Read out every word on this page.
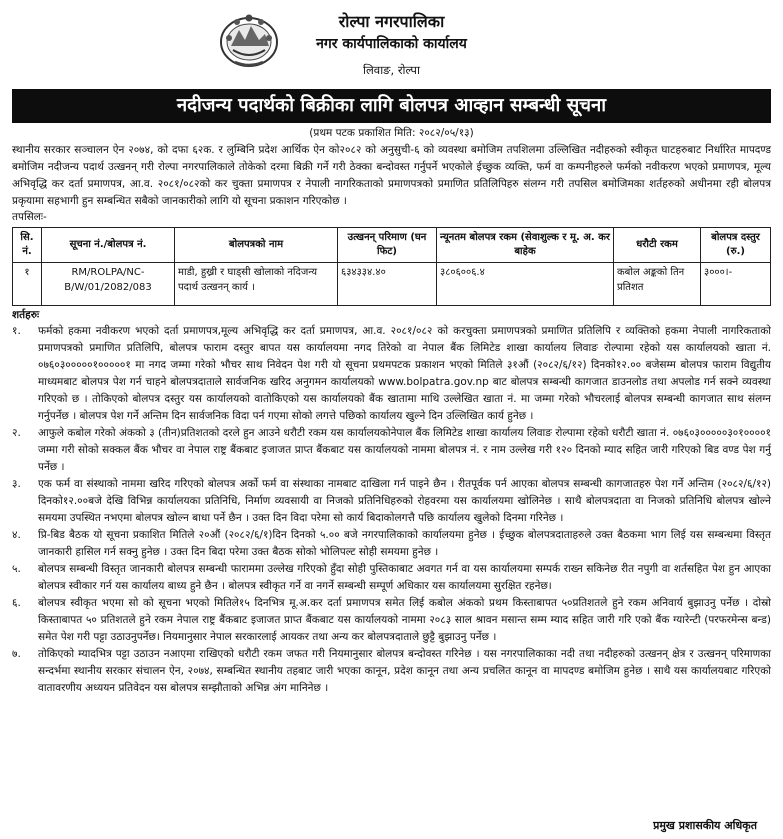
रोल्पा नगरपालिका
नगर कार्यपालिकाको कार्यालय
लिवाङ, रोल्पा
नदीजन्य पदार्थको बिक्रीका लागि बोलपत्र आव्हान सम्बन्धी सूचना
(प्रथम पटक प्रकाशित मिति: २०८२/०५/१३)

स्थानीय सरकार सञ्चालन ऐन २०७४, को दफा ६२क. र लुम्बिनि प्रदेश आर्थिक ऐन को२०८२ को अनुसुची-६ को व्यवस्था बमोजिम तपशिलमा उल्लिखित नदीहरुको स्वीकृत घाटहरुबाट निर्धारित मापदण्ड बमोजिम नदीजन्य पदार्थ उत्खनन् गरी रोल्पा नगरपालिकाले तोकेको दरमा बिक्री गर्ने गरी ठेक्का बन्दोवस्त गर्नुपर्ने भएकोले ईच्छुक व्यक्ति, फर्म वा कम्पनीहरुले फर्मको नवीकरण भएको प्रमाणपत्र, मूल्य अभिवृद्धि कर दर्ता प्रमाणपत्र, आ.व. २०८१/०८२को कर चुक्ता प्रमाणपत्र र नेपाली नागरिकताको प्रमाणपत्रको प्रमाणित प्रतिलिपिहरु संलग्न गरी तपसिल बमोजिमका शर्तहरुको अधीनमा रही बोलपत्र प्रकृयामा सहभागी हुन सम्बन्धित सबैको जानकारीको लागि यो सूचना प्रकाशन गरिएकोछ ।

तपसिलः-

सि. नं.	सूचना नं./बोलपत्र नं.	बोलपत्रको नाम	उत्खनन् परिमाण (घन फिट)	न्यूनतम बोलपत्र रकम (सेवाशुल्क र मू. अ. कर बाहेक	धरौटी रकम	बोलपत्र दस्तुर (रु.)
१	RM/ROLPA/NC-B/W/01/2082/083	माडी, हुख्री र घाड्सी खोलाको नदिजन्य पदार्थ उत्खनन् कार्य ।	६३४३३४.४०	३८०६००६.४	कबोल अङ्कको तिन प्रतिशत	३०००।-

शर्तहरुः

१.	फर्मको हकमा नवीकरण भएको दर्ता प्रमाणपत्र,मूल्य अभिवृद्धि कर दर्ता प्रमाणपत्र, आ.व. २०८१/०८२ को करचुक्ता प्रमाणपत्रको प्रमाणित प्रतिलिपि र व्यक्तिको हकमा नेपाली नागरिकताको प्रमाणपत्रको प्रमाणित प्रतिलिपि, बोलपत्र फाराम दस्तुर बापत यस कार्यालयमा नगद तिरेको वा नेपाल बैंक लिमिटेड शाखा कार्यालय लिवाङ रोल्पामा रहेको यस कार्यालयको खाता नं. ०७६०३०००००१०००००१ मा नगद जम्मा गरेको भौचर साथ निवेदन पेश गरी यो सूचना प्रथमपटक प्रकाशन भएको मितिले ३१औं (२०८२/६/१२) दिनको१२.०० बजेसम्म बोलपत्र फाराम विद्युतीय माध्यमबाट बोलपत्र पेश गर्न चाहने बोलपत्रदाताले सार्वजनिक खरिद अनुगमन कार्यालयको www.bolpatra.gov.np बाट बोलपत्र सम्बन्धी कागजात डाउनलोड तथा अपलोड गर्न सक्ने व्यवस्था गरिएको छ । तोकिएको बोलपत्र दस्तुर यस कार्यालयको वातोकिएको यस कार्यालयको बैंक खातामा माथि उल्लेखित खाता नं. मा जम्मा गरेको भौचरलाई बोलपत्र सम्बन्धी कागजात साथ संलग्न गर्नुपर्नेछ । बोलपत्र पेश गर्ने अन्तिम दिन सार्वजनिक विदा पर्न गएमा सोको लगत्ते पछिको कार्यालय खुल्ने दिन उल्लिखित कार्य हुनेछ ।
२.	आफुले कबोल गरेको अंकको ३ (तीन)प्रतिशतको दरले हुन आउने धरौटी रकम यस कार्यालयकोनेपाल बैंक लिमिटेड शाखा कार्यालय लिवाङ रोल्पामा रहेको धरौटी खाता नं. ०७६०३०००००३०१००००१ जम्मा गरी सोको सक्कल बैंक भौचर वा नेपाल राष्ट्र बैंकबाट इजाजत प्राप्त बैंकबाट यस कार्यालयको नाममा बोलपत्र नं. र नाम उल्लेख गरी १२० दिनको म्याद सहित जारी गरिएको बिड वण्ड पेश गर्नु पर्नेछ ।
३.	एक फर्म वा संस्थाको नाममा खरिद गरिएको बोलपत्र अर्को फर्म वा संस्थाका नामबाट दाखिला गर्न पाइने छैन । रीतपूर्वक पर्न आएका बोलपत्र सम्बन्धी कागजातहरु पेश गर्ने अन्तिम (२०८२/६/१२) दिनको१२.००बजे देखि विभिन्न कार्यालयका प्रतिनिधि, निर्माण व्यवसायी वा निजको प्रतिनिधिहरुको रोहवरमा यस कार्यालयमा खोलिनेछ । साथै बोलपत्रदाता वा निजको प्रतिनिधि बोलपत्र खोल्ने समयमा उपस्थित नभएमा बोलपत्र खोल्न बाधा पर्ने छैन । उक्त दिन विदा परेमा सो कार्य बिदाकोलगत्तै पछि कार्यालय खुलेको दिनमा गरिनेछ ।
४.	प्रि-बिड बैठक यो सूचना प्रकाशित मितिले २०औं (२०८२/६/१)दिन दिनको ५.०० बजे नगरपालिकाको कार्यालयमा हुनेछ । ईच्छुक बोलपत्रदाताहरुले उक्त बैठकमा भाग लिई यस सम्बन्धमा विस्तृत जानकारी हासिल गर्न सक्नु हुनेछ । उक्त दिन बिदा परेमा उक्त बैठक सोको भोलिपल्ट सोही समयमा हुनेछ ।
५.	बोलपत्र सम्बन्धी विस्तृत जानकारी बोलपत्र सम्बन्धी फाराममा उल्लेख गरिएको हुँदा सोही पुस्तिकाबाट अवगत गर्न वा यस कार्यालयमा सम्पर्क राख्न सकिनेछ रीत नपुगी वा शर्तसहित पेश हुन आएका बोलपत्र स्वीकार गर्न यस कार्यालय बाध्य हुने छैन । बोलपत्र स्वीकृत गर्ने वा नगर्ने सम्बन्धी सम्पूर्ण अधिकार यस कार्यालयमा सुरक्षित रहनेछ।
६.	बोलपत्र स्वीकृत भएमा सो को सूचना भएको मितिले१५ दिनभित्र मू.अ.कर दर्ता प्रमाणपत्र समेत लिई कबोल अंकको प्रथम किस्ताबापत ५०प्रतिशतले हुने रकम अनिवार्य बुझाउनु पर्नेछ । दोस्रो किस्ताबापत ५० प्रतिशतले हुने रकम नेपाल राष्ट्र बैंकबाट इजाजत प्राप्त बैंकबाट यस कार्यालयको नाममा २०८३ साल श्रावन मसान्त सम्म म्याद सहित जारी गरि एको बैंक ग्यारेन्टी (परफरमेन्स बन्ड) समेत पेश गरी पट्टा उठाउनुपर्नेछ। नियमानुसार नेपाल सरकारलाई आयकर तथा अन्य कर बोलपत्रदाताले छुट्टै बुझाउनु पर्नेछ ।
७.	तोकिएको म्यादभित्र पट्टा उठाउन नआएमा राखिएको धरौटी रकम जफत गरी नियमानुसार बोलपत्र बन्दोवस्त गरिनेछ । यस नगरपालिकाका नदी तथा नदीहरुको उत्खनन् क्षेत्र र उत्खनन् परिमाणका सन्दर्भमा स्थानीय सरकार संचालन ऐन, २०७४, सम्बन्धित स्थानीय तहबाट जारी भएका कानून, प्रदेश कानून तथा अन्य प्रचलित कानून वा मापदण्ड बमोजिम हुनेछ । साथै यस कार्यालयबाट गरिएको वातावरणीय अध्ययन प्रतिवेदन यस बोलपत्र सम्झौताको अभिन्न अंग मानिनेछ ।
प्रमुख प्रशासकीय अधिकृत
